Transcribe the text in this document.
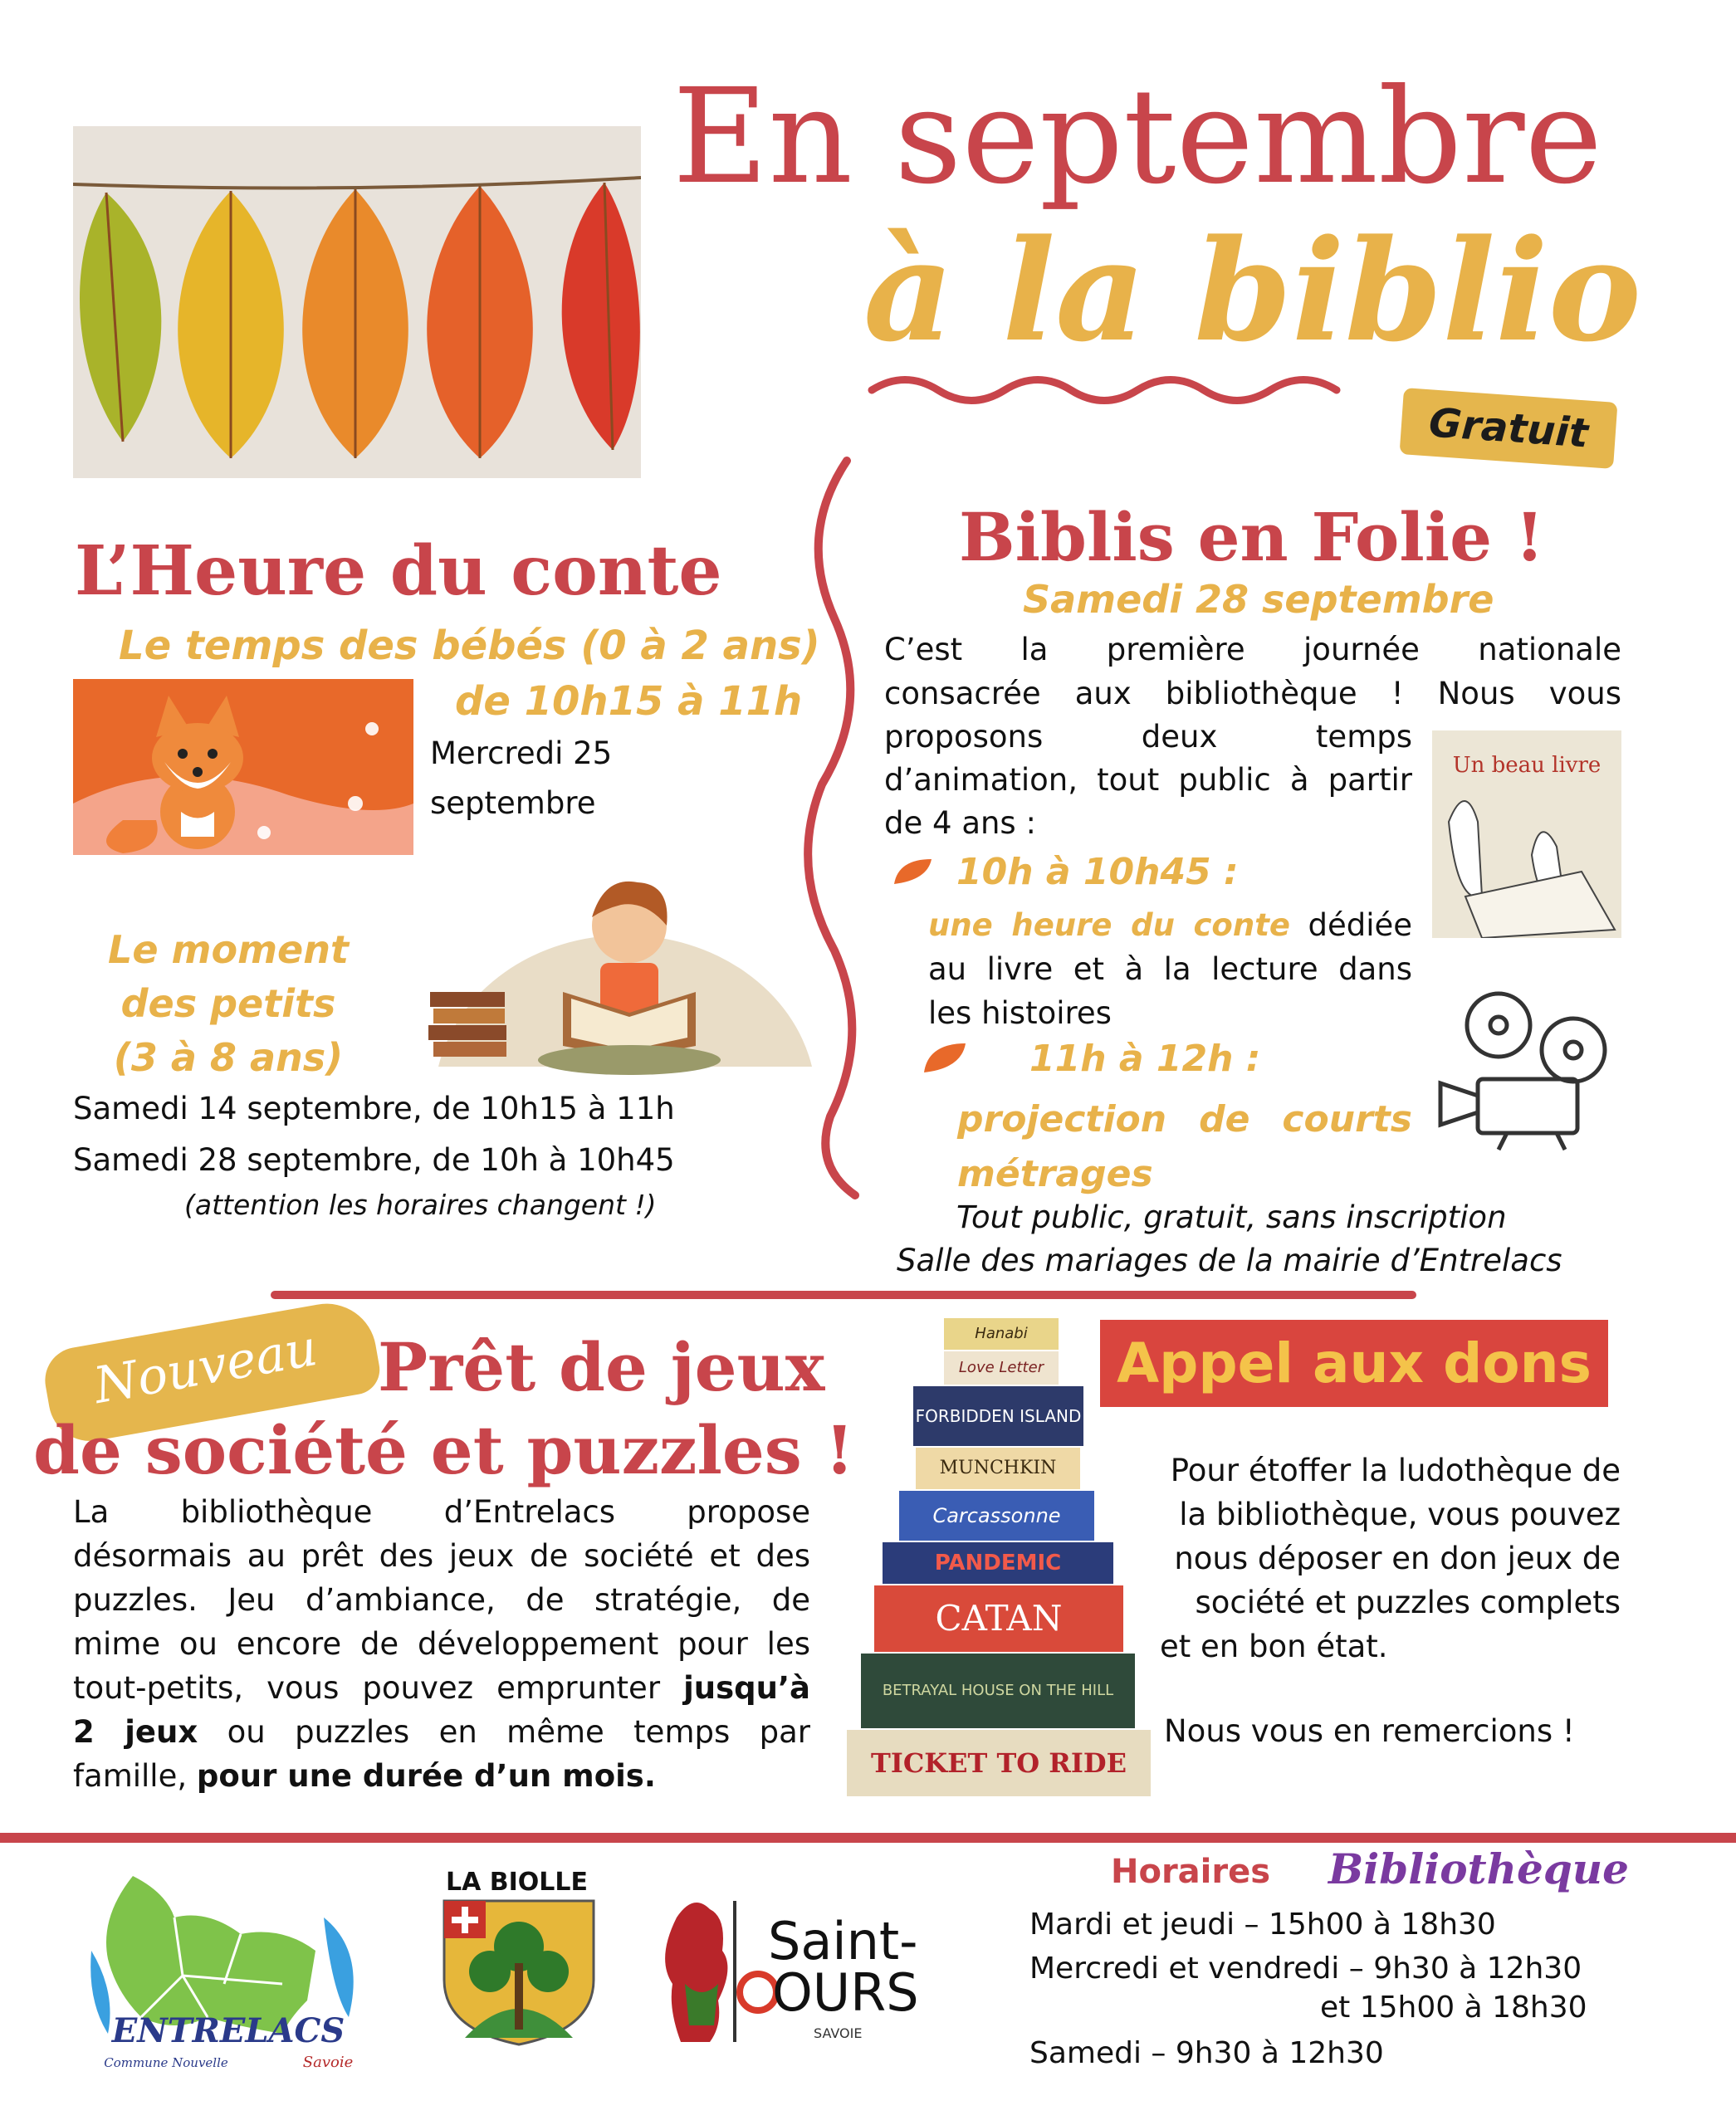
En septembre
à la biblio
Gratuit
L’Heure du conte
Le temps des bébés (0 à 2 ans)
de 10h15 à 11h
Mercredi 25
septembre
Le moment
des petits
(3 à 8 ans)
Samedi 14 septembre, de 10h15 à 11h
Samedi 28 septembre, de 10h à 10h45
(attention les horaires changent !)
Biblis en Folie !
Samedi 28 septembre

C’est la première journée nationale

consacrée aux bibliothèque ! Nous vous

proposons deux temps

d’animation, tout public à partir

de 4 ans :

Un beau livre
10h à 10h45 :

une heure du conte dédiée

au livre et à la lecture dans

les histoires

11h à 12h :

projection de courts

métrages

Tout public, gratuit, sans inscription
Salle des mariages de la mairie d’Entrelacs
Nouveau Prêt de jeux
de société et puzzles !

La bibliothèque d’Entrelacs propose

désormais au prêt des jeux de société et des

puzzles. Jeu d’ambiance, de stratégie, de

mime ou encore de développement pour les

tout-petits, vous pouvez emprunter jusqu’à

2 jeux ou puzzles en même temps par

famille, pour une durée d’un mois.

Hanabi
Love Letter
FORBIDDEN ISLAND
MUNCHKIN
Carcassonne
PANDEMIC
CATAN
BETRAYAL HOUSE ON THE HILL
TICKET TO RIDE
Appel aux dons

Pour étoffer la ludothèque de

la bibliothèque, vous pouvez

nous déposer en don jeux de

société et puzzles complets

et en bon état.

Nous vous en remercions !
ENTRELACS
Commune Nouvelle	Savoie
LA BIOLLE
Saint-
OURS
SAVOIE
Horaires Bibliothèque
Mardi et jeudi – 15h00 à 18h30
Mercredi et vendredi – 9h30 à 12h30
et 15h00 à 18h30
Samedi – 9h30 à 12h30
